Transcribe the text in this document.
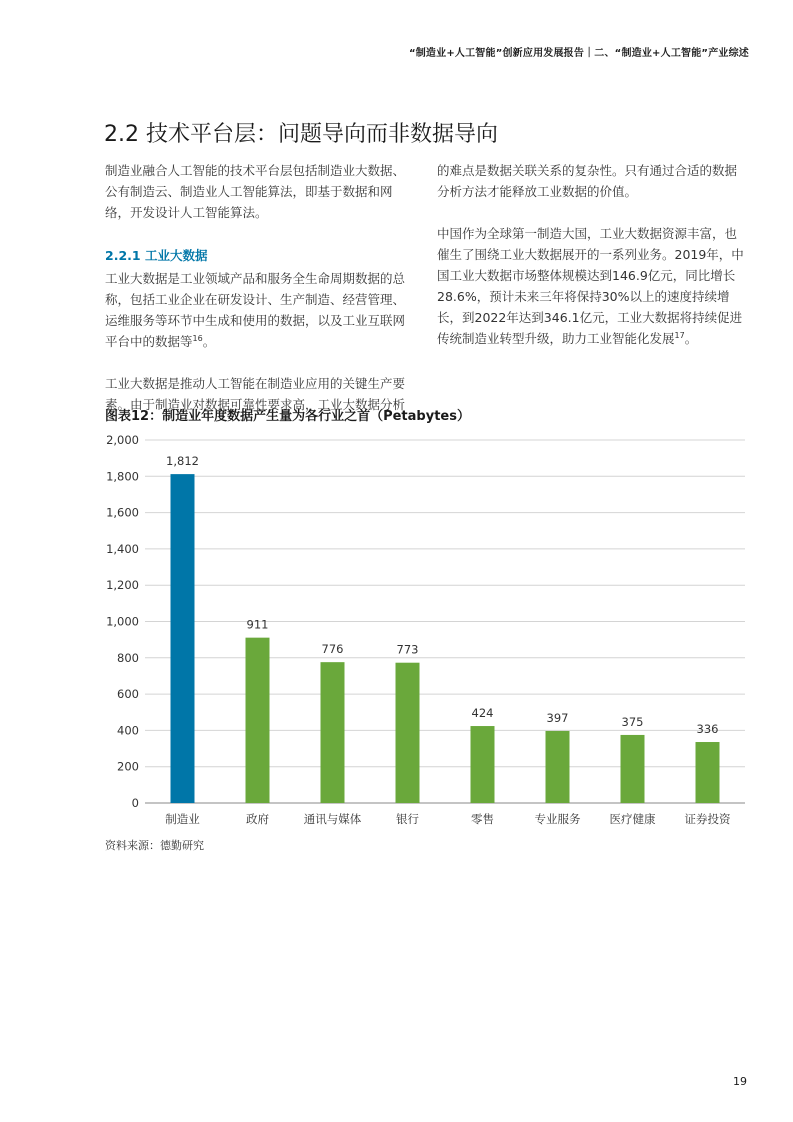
“制造业+人工智能”创新应用发展报告｜二、“制造业+人工智能”产业综述
2.2 技术平台层：问题导向而非数据导向

制造业融合人工智能的技术平台层包括制造业大数据、公有制造云、制造业人工智能算法，即基于数据和网络，开发设计人工智能算法。

2.2.1 工业大数据

工业大数据是工业领域产品和服务全生命周期数据的总称，包括工业企业在研发设计、生产制造、经营管理、运维服务等环节中生成和使用的数据，以及工业互联网平台中的数据等$^{16}$。

工业大数据是推动人工智能在制造业应用的关键生产要素。由于制造业对数据可靠性要求高，工业大数据分析

的难点是数据关联关系的复杂性。只有通过合适的数据分析方法才能释放工业数据的价值。

中国作为全球第一制造大国，工业大数据资源丰富，也催生了围绕工业大数据展开的一系列业务。2019年，中国工业大数据市场整体规模达到146.9亿元，同比增长28.6%，预计未来三年将保持30%以上的速度持续增长，到2022年达到346.1亿元，工业大数据将持续促进传统制造业转型升级，助力工业智能化发展$^{17}$。

图表12：制造业年度数据产生量为各行业之首（Petabytes）
0
200
400
600
800
1,000
1,200
1,400
1,600
1,800
2,000
1,812
制造业
911
政府
776
通讯与媒体
773
银行
424
零售
397
专业服务
375
医疗健康
336
证券投资
资料来源：德勤研究
19
